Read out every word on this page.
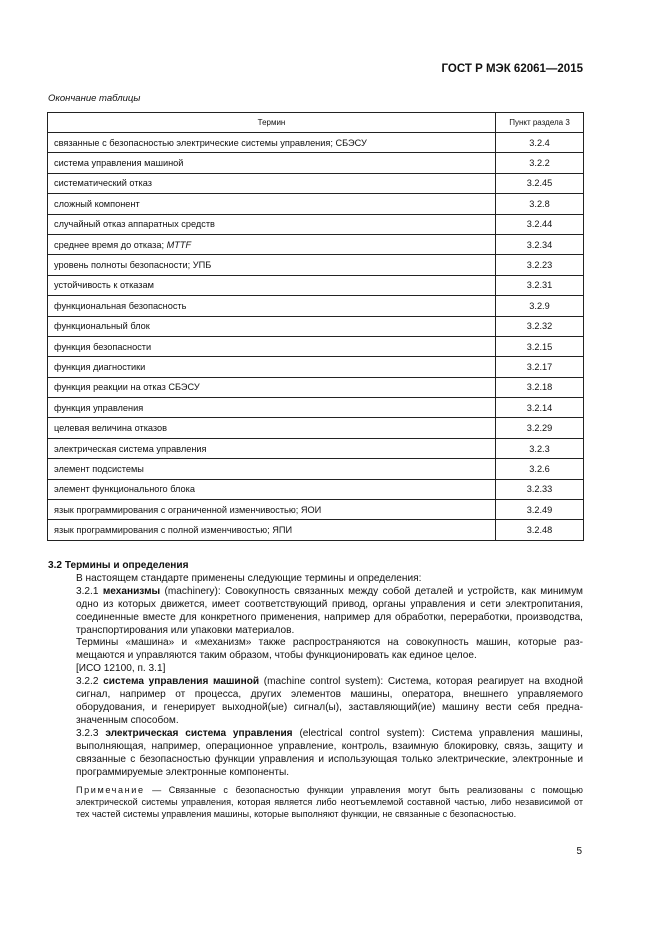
ГОСТ Р МЭК 62061—2015
Окончание таблицы
Термин	Пункт раздела 3
связанные с безопасностью электрические системы управления; СБЭСУ	3.2.4
система управления машиной	3.2.2
систематический отказ	3.2.45
сложный компонент	3.2.8
случайный отказ аппаратных средств	3.2.44
среднее время до отказа; MTTF	3.2.34
уровень полноты безопасности; УПБ	3.2.23
устойчивость к отказам	3.2.31
функциональная безопасность	3.2.9
функциональный блок	3.2.32
функция безопасности	3.2.15
функция диагностики	3.2.17
функция реакции на отказ СБЭСУ	3.2.18
функция управления	3.2.14
целевая величина отказов	3.2.29
электрическая система управления	3.2.3
элемент подсистемы	3.2.6
элемент функционального блока	3.2.33
язык программирования с ограниченной изменчивостью; ЯОИ	3.2.49
язык программирования с полной изменчивостью; ЯПИ	3.2.48

3.2 Термины и определения

В настоящем стандарте применены следующие термины и определения:

3.2.1 механизмы (machinery): Совокупность связанных между собой деталей и устройств, как минимум одно из которых движется, имеет соответствующий привод, органы управления и сети электропитания, соединенные вместе для конкретного применения, например для обработки, переработки, производства, транспортирования или упаковки материалов.

Термины «машина» и «механизм» также распространяются на совокупность машин, которые размещаются и управляются таким образом, чтобы функционировать как единое целое.

[ИСО 12100, п. 3.1]

3.2.2 система управления машиной (machine control system): Система, которая реагирует на входной сигнал, например от процесса, других элементов машины, оператора, внешнего управляемого оборудования, и генерирует выходной(ые) сигнал(ы), заставляющий(ие) машину вести себя предназначенным способом.

3.2.3 электрическая система управления (electrical control system): Система управления машины, выполняющая, например, операционное управление, контроль, взаимную блокировку, связь, защиту и связанные с безопасностью функции управления и использующая только электрические, электронные и программируемые электронные компоненты.

Примечание — Связанные с безопасностью функции управления могут быть реализованы с помощью электрической системы управления, которая является либо неотъемлемой составной частью, либо независимой от тех частей системы управления машины, которые выполняют функции, не связанные с безопасностью.

5
